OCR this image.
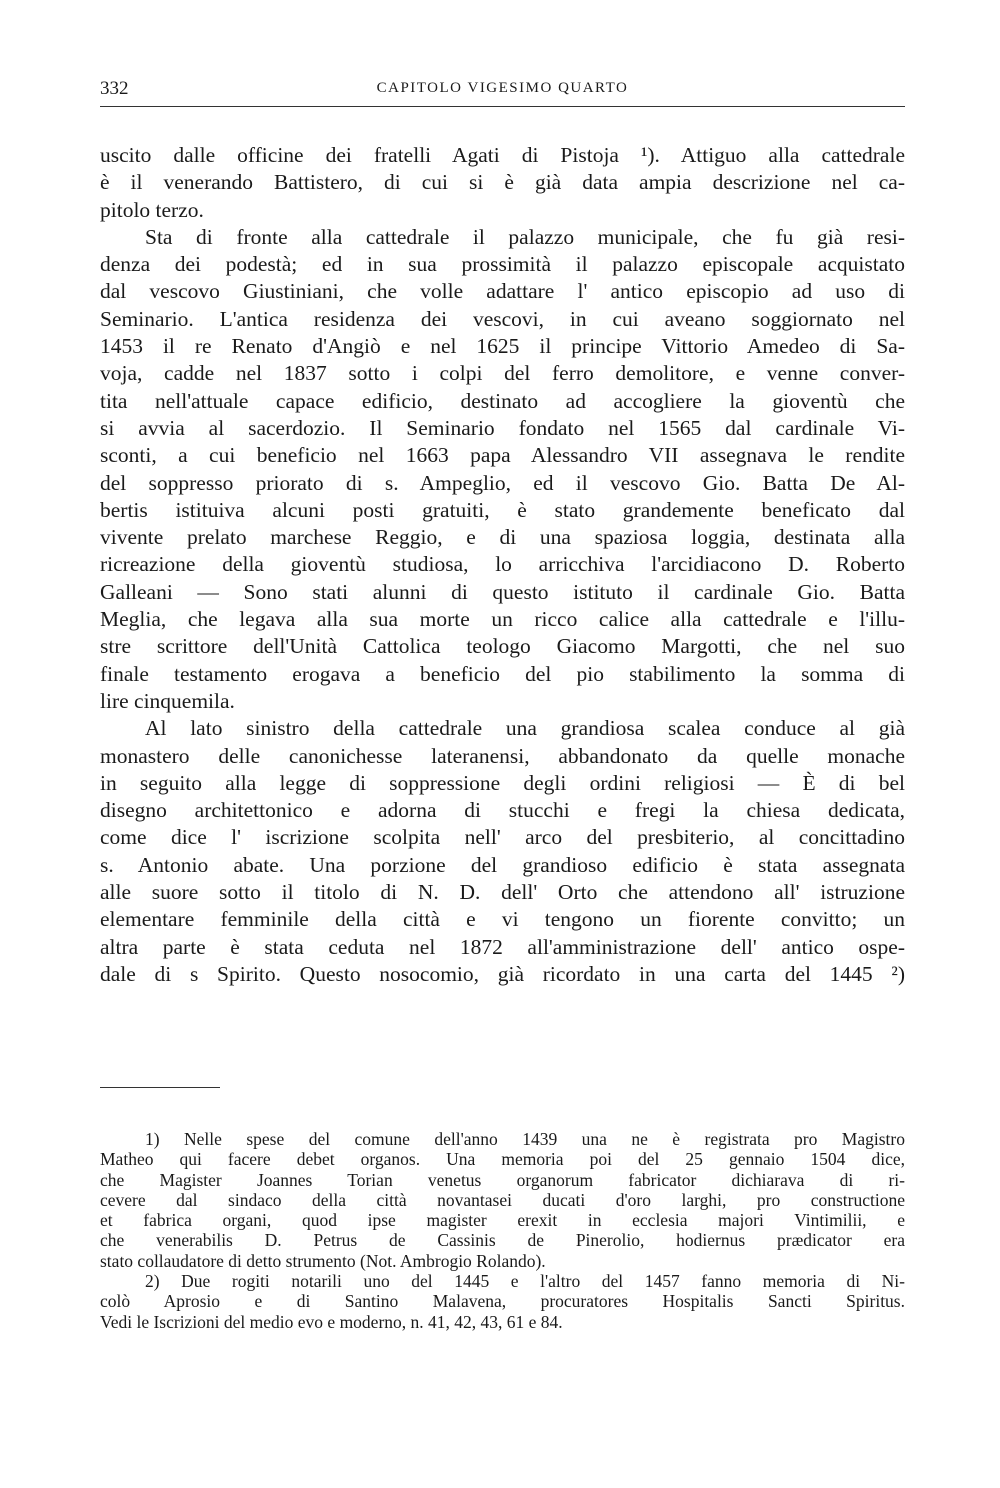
332	CAPITOLO VIGESIMO QUARTO
uscito dalle officine dei fratelli Agati di Pistoja ¹). Attiguo alla cattedrale
è il venerando Battistero, di cui si è già data ampia descrizione nel ca-
pitolo terzo.
Sta di fronte alla cattedrale il palazzo municipale, che fu già resi-
denza dei podestà; ed in sua prossimità il palazzo episcopale acquistato
dal vescovo Giustiniani, che volle adattare l' antico episcopio ad uso di
Seminario. L'antica residenza dei vescovi, in cui aveano soggiornato nel
1453 il re Renato d'Angiò e nel 1625 il principe Vittorio Amedeo di Sa-
voja, cadde nel 1837 sotto i colpi del ferro demolitore, e venne conver-
tita nell'attuale capace edificio, destinato ad accogliere la gioventù che
si avvia al sacerdozio. Il Seminario fondato nel 1565 dal cardinale Vi-
sconti, a cui beneficio nel 1663 papa Alessandro VII assegnava le rendite
del soppresso priorato di s. Ampeglio, ed il vescovo Gio. Batta De Al-
bertis istituiva alcuni posti gratuiti, è stato grandemente beneficato dal
vivente prelato marchese Reggio, e di una spaziosa loggia, destinata alla
ricreazione della gioventù studiosa, lo arricchiva l'arcidiacono D. Roberto
Galleani — Sono stati alunni di questo istituto il cardinale Gio. Batta
Meglia, che legava alla sua morte un ricco calice alla cattedrale e l'illu-
stre scrittore dell'Unità Cattolica teologo Giacomo Margotti, che nel suo
finale testamento erogava a beneficio del pio stabilimento la somma di
lire cinquemila.
Al lato sinistro della cattedrale una grandiosa scalea conduce al già
monastero delle canonichesse lateranensi, abbandonato da quelle monache
in seguito alla legge di soppressione degli ordini religiosi — È di bel
disegno architettonico e adorna di stucchi e fregi la chiesa dedicata,
come dice l' iscrizione scolpita nell' arco del presbiterio, al concittadino
s. Antonio abate. Una porzione del grandioso edificio è stata assegnata
alle suore sotto il titolo di N. D. dell' Orto che attendono all' istruzione
elementare femminile della città e vi tengono un fiorente convitto; un
altra parte è stata ceduta nel 1872 all'amministrazione dell' antico ospe-
dale di s Spirito. Questo nosocomio, già ricordato in una carta del 1445 ²)
1) Nelle spese del comune dell'anno 1439 una ne è registrata pro Magistro
Matheo qui facere debet organos. Una memoria poi del 25 gennaio 1504 dice,
che Magister Joannes Torian venetus organorum fabricator dichiarava di ri-
cevere dal sindaco della città novantasei ducati d'oro larghi, pro constructione
et fabrica organi, quod ipse magister erexit in ecclesia majori Vintimilii, e
che venerabilis D. Petrus de Cassinis de Pinerolio, hodiernus prædicator era
stato collaudatore di detto strumento (Not. Ambrogio Rolando).
2) Due rogiti notarili uno del 1445 e l'altro del 1457 fanno memoria di Ni-
colò Aprosio e di Santino Malavena, procuratores Hospitalis Sancti Spiritus.
Vedi le Iscrizioni del medio evo e moderno, n. 41, 42, 43, 61 e 84.
